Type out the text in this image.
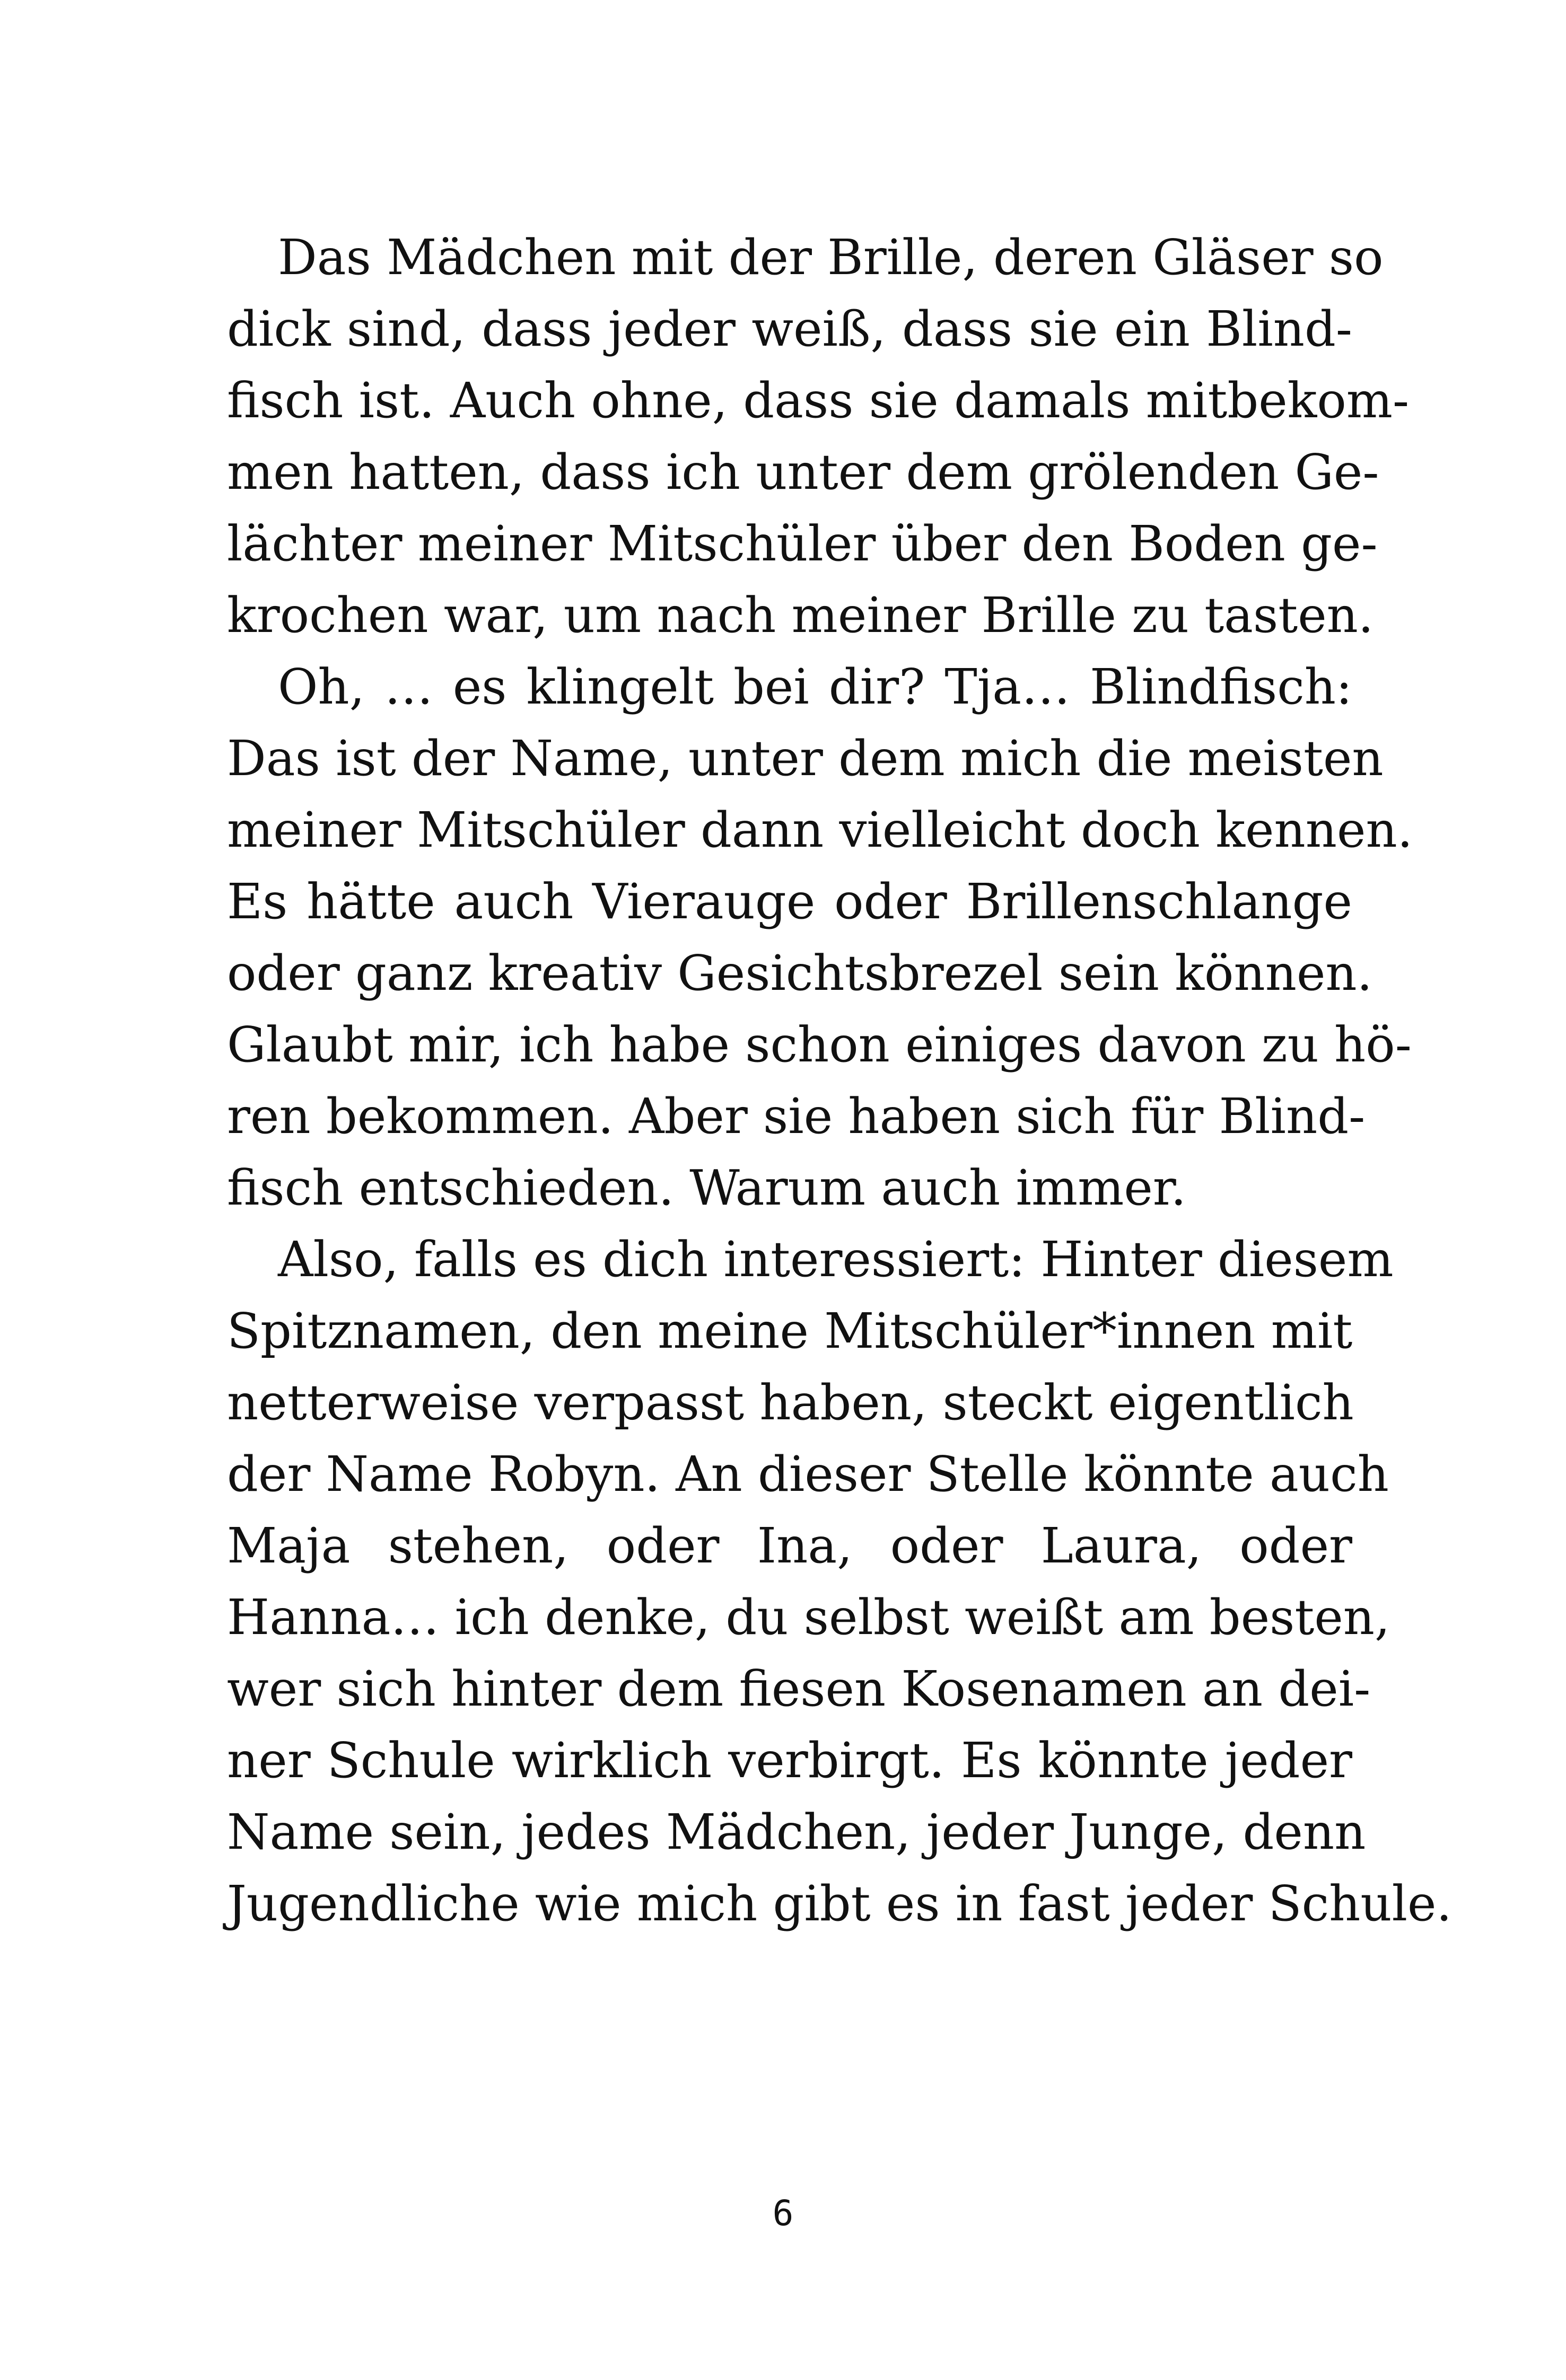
Das Mädchen mit der Brille, deren Gläser so
dick sind, dass jeder weiß, dass sie ein Blind-
fisch ist. Auch ohne, dass sie damals mitbekom-
men hatten, dass ich unter dem grölenden Ge-
lächter meiner Mitschüler über den Boden ge-
krochen war, um nach meiner Brille zu tasten.
Oh, … es klingelt bei dir? Tja… Blindfisch:
Das ist der Name, unter dem mich die meisten
meiner Mitschüler dann vielleicht doch kennen.
Es hätte auch Vierauge oder Brillenschlange
oder ganz kreativ Gesichtsbrezel sein können.
Glaubt mir, ich habe schon einiges davon zu hö-
ren bekommen. Aber sie haben sich für Blind-
fisch entschieden. Warum auch immer.
Also, falls es dich interessiert: Hinter diesem
Spitznamen, den meine Mitschüler*innen mit
netterweise verpasst haben, steckt eigentlich
der Name Robyn. An dieser Stelle könnte auch
Maja stehen, oder Ina, oder Laura, oder
Hanna… ich denke, du selbst weißt am besten,
wer sich hinter dem fiesen Kosenamen an dei-
ner Schule wirklich verbirgt. Es könnte jeder
Name sein, jedes Mädchen, jeder Junge, denn
Jugendliche wie mich gibt es in fast jeder Schule.
6
